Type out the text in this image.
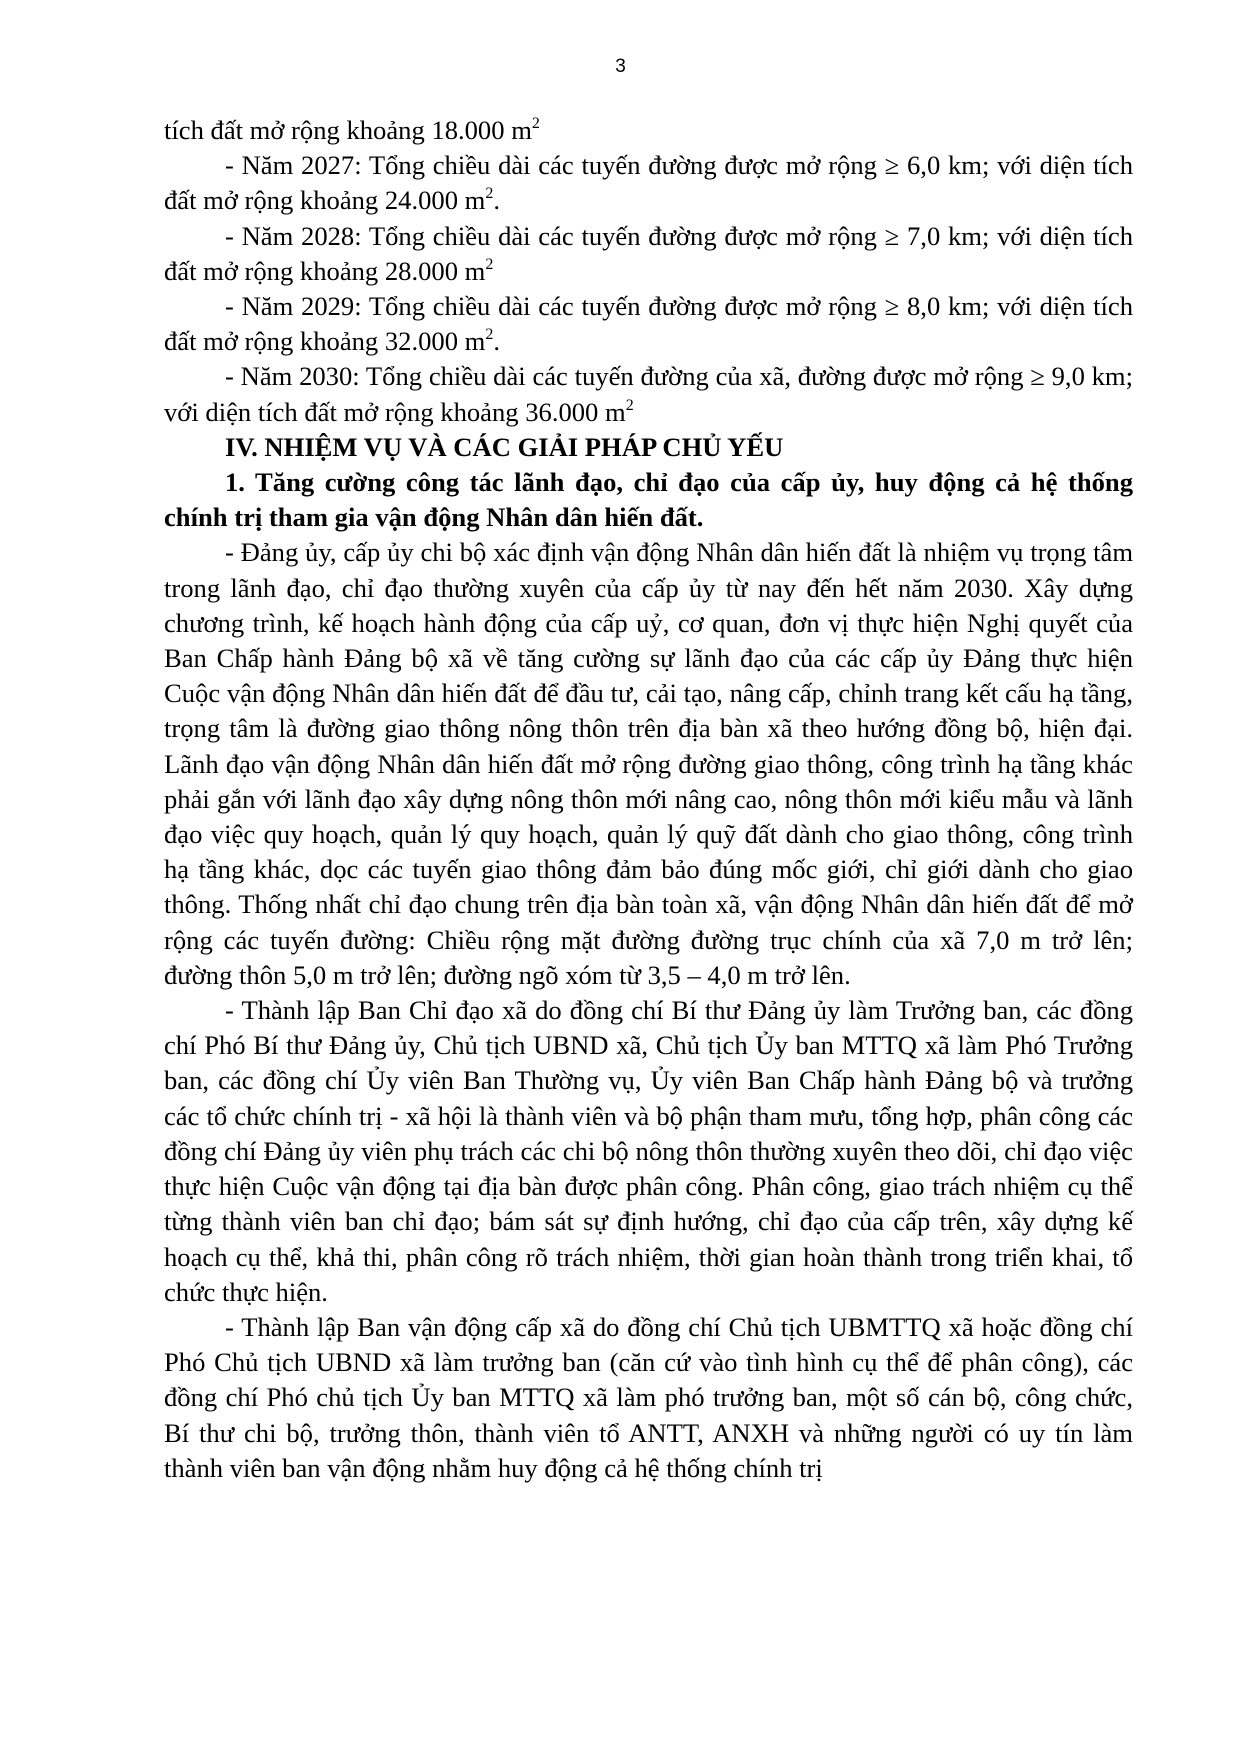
3

tích đất mở rộng khoảng 18.000 $m^2$

- Năm 2027: Tổng chiều dài các tuyến đường được mở rộng ≥ 6,0 km; với diện tích đất mở rộng khoảng 24.000 $m^2$.

- Năm 2028: Tổng chiều dài các tuyến đường được mở rộng ≥ 7,0 km; với diện tích đất mở rộng khoảng 28.000 $m^2$

- Năm 2029: Tổng chiều dài các tuyến đường được mở rộng ≥ 8,0 km; với diện tích đất mở rộng khoảng 32.000 $m^2$.

- Năm 2030: Tổng chiều dài các tuyến đường của xã, đường được mở rộng ≥ 9,0 km; với diện tích đất mở rộng khoảng 36.000 $m^2$

IV. NHIỆM VỤ VÀ CÁC GIẢI PHÁP CHỦ YẾU

1. Tăng cường công tác lãnh đạo, chỉ đạo của cấp ủy, huy động cả hệ thống chính trị tham gia vận động Nhân dân hiến đất.

- Đảng ủy, cấp ủy chi bộ xác định vận động Nhân dân hiến đất là nhiệm vụ trọng tâm trong lãnh đạo, chỉ đạo thường xuyên của cấp ủy từ nay đến hết năm 2030. Xây dựng chương trình, kế hoạch hành động của cấp uỷ, cơ quan, đơn vị thực hiện Nghị quyết của Ban Chấp hành Đảng bộ xã về tăng cường sự lãnh đạo của các cấp ủy Đảng thực hiện Cuộc vận động Nhân dân hiến đất để đầu tư, cải tạo, nâng cấp, chỉnh trang kết cấu hạ tầng, trọng tâm là đường giao thông nông thôn trên địa bàn xã theo hướng đồng bộ, hiện đại. Lãnh đạo vận động Nhân dân hiến đất mở rộng đường giao thông, công trình hạ tầng khác phải gắn với lãnh đạo xây dựng nông thôn mới nâng cao, nông thôn mới kiểu mẫu và lãnh đạo việc quy hoạch, quản lý quy hoạch, quản lý quỹ đất dành cho giao thông, công trình hạ tầng khác, dọc các tuyến giao thông đảm bảo đúng mốc giới, chỉ giới dành cho giao thông. Thống nhất chỉ đạo chung trên địa bàn toàn xã, vận động Nhân dân hiến đất để mở rộng các tuyến đường: Chiều rộng mặt đường đường trục chính của xã 7,0 m trở lên; đường thôn 5,0 m trở lên; đường ngõ xóm từ 3,5 – 4,0 m trở lên.

- Thành lập Ban Chỉ đạo xã do đồng chí Bí thư Đảng ủy làm Trưởng ban, các đồng chí Phó Bí thư Đảng ủy, Chủ tịch UBND xã, Chủ tịch Ủy ban MTTQ xã làm Phó Trưởng ban, các đồng chí Ủy viên Ban Thường vụ, Ủy viên Ban Chấp hành Đảng bộ và trưởng các tổ chức chính trị - xã hội là thành viên và bộ phận tham mưu, tổng hợp, phân công các đồng chí Đảng ủy viên phụ trách các chi bộ nông thôn thường xuyên theo dõi, chỉ đạo việc thực hiện Cuộc vận động tại địa bàn được phân công. Phân công, giao trách nhiệm cụ thể từng thành viên ban chỉ đạo; bám sát sự định hướng, chỉ đạo của cấp trên, xây dựng kế hoạch cụ thể, khả thi, phân công rõ trách nhiệm, thời gian hoàn thành trong triển khai, tổ chức thực hiện.

- Thành lập Ban vận động cấp xã do đồng chí Chủ tịch UBMTTQ xã hoặc đồng chí Phó Chủ tịch UBND xã làm trưởng ban (căn cứ vào tình hình cụ thể để phân công), các đồng chí Phó chủ tịch Ủy ban MTTQ xã làm phó trưởng ban, một số cán bộ, công chức, Bí thư chi bộ, trưởng thôn, thành viên tổ ANTT, ANXH và những người có uy tín làm thành viên ban vận động nhằm huy động cả hệ thống chính trị
